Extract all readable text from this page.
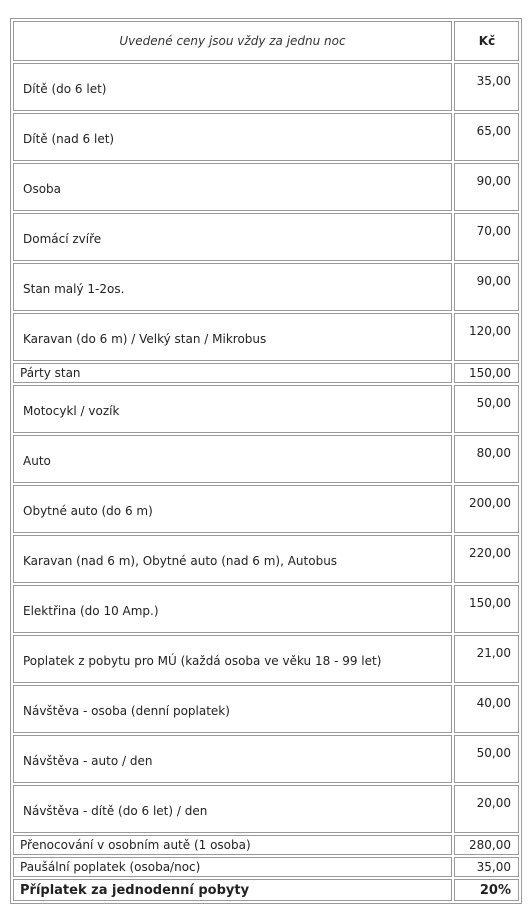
Uvedené ceny jsou vždy za jednu noc	Kč
Dítě (do 6 let)	35,00
Dítě (nad 6 let)	65,00
Osoba	90,00
Domácí zvíře	70,00
Stan malý 1-2os.	90,00
Karavan (do 6 m) / Velký stan / Mikrobus	120,00
Párty stan	150,00
Motocykl / vozík	50,00
Auto	80,00
Obytné auto (do 6 m)	200,00
Karavan (nad 6 m), Obytné auto (nad 6 m), Autobus	220,00
Elektřina (do 10 Amp.)	150,00
Poplatek z pobytu pro MÚ (každá osoba ve věku 18 - 99 let)	21,00
Návštěva - osoba (denní poplatek)	40,00
Návštěva - auto / den	50,00
Návštěva - dítě (do 6 let) / den	20,00
Přenocování v osobním autě (1 osoba)	280,00
Paušální poplatek (osoba/noc)	35,00
Příplatek za jednodenní pobyty	20%
